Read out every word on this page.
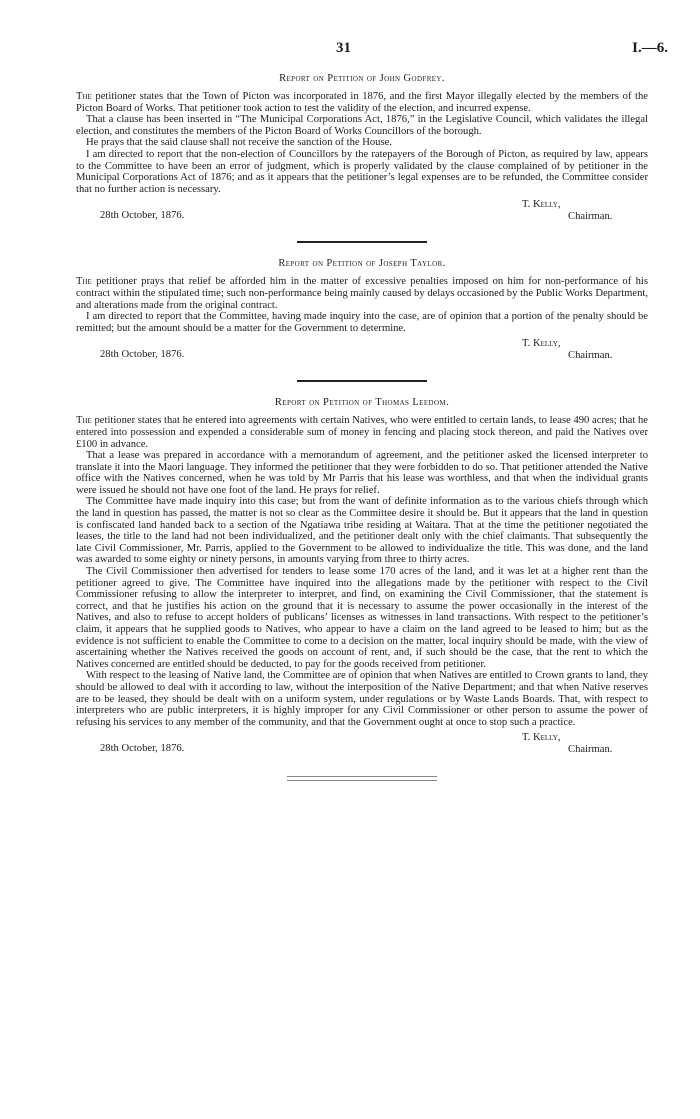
31	I.—6.
Report on Petition of John Godfrey.

The petitioner states that the Town of Picton was incorporated in 1876, and the first Mayor illegally elected by the members of the Picton Board of Works. That petitioner took action to test the validity of the election, and incurred expense.

That a clause has been inserted in “The Municipal Corporations Act, 1876,” in the Legislative Council, which validates the illegal election, and constitutes the members of the Picton Board of Works Councillors of the borough.

He prays that the said clause shall not receive the sanction of the House.

I am directed to report that the non-election of Councillors by the ratepayers of the Borough of Picton, as required by law, appears to the Committee to have been an error of judgment, which is properly validated by the clause complained of by petitioner in the Municipal Corporations Act of 1876; and as it appears that the petitioner’s legal expenses are to be refunded, the Committee consider that no further action is necessary.

T. Kelly,
Chairman.
28th October, 1876.
Report on Petition of Joseph Taylor.

The petitioner prays that relief be afforded him in the matter of excessive penalties imposed on him for non-performance of his contract within the stipulated time; such non-performance being mainly caused by delays occasioned by the Public Works Department, and alterations made from the original contract.

I am directed to report that the Committee, having made inquiry into the case, are of opinion that a portion of the penalty should be remitted; but the amount should be a matter for the Government to determine.

T. Kelly,
Chairman.
28th October, 1876.
Report on Petition of Thomas Leedom.

The petitioner states that he entered into agreements with certain Natives, who were entitled to certain lands, to lease 490 acres; that he entered into possession and expended a considerable sum of money in fencing and placing stock thereon, and paid the Natives over £100 in advance.

That a lease was prepared in accordance with a memorandum of agreement, and the petitioner asked the licensed interpreter to translate it into the Maori language. They informed the petitioner that they were forbidden to do so. That petitioner attended the Native office with the Natives concerned, when he was told by Mr Parris that his lease was worthless, and that when the individual grants were issued he should not have one foot of the land. He prays for relief.

The Committee have made inquiry into this case; but from the want of definite information as to the various chiefs through which the land in question has passed, the matter is not so clear as the Committee desire it should be. But it appears that the land in question is confiscated land handed back to a section of the Ngatiawa tribe residing at Waitara. That at the time the petitioner negotiated the leases, the title to the land had not been individualized, and the petitioner dealt only with the chief claimants. That subsequently the late Civil Commissioner, Mr. Parris, applied to the Government to be allowed to individualize the title. This was done, and the land was awarded to some eighty or ninety persons, in amounts varying from three to thirty acres.

The Civil Commissioner then advertised for tenders to lease some 170 acres of the land, and it was let at a higher rent than the petitioner agreed to give. The Committee have inquired into the allegations made by the petitioner with respect to the Civil Commissioner refusing to allow the interpreter to interpret, and find, on examining the Civil Commissioner, that the statement is correct, and that he justifies his action on the ground that it is necessary to assume the power occasionally in the interest of the Natives, and also to refuse to accept holders of publicans’ licenses as witnesses in land transactions. With respect to the petitioner’s claim, it appears that he supplied goods to Natives, who appear to have a claim on the land agreed to be leased to him; but as the evidence is not sufficient to enable the Committee to come to a decision on the matter, local inquiry should be made, with the view of ascertaining whether the Natives received the goods on account of rent, and, if such should be the case, that the rent to which the Natives concerned are entitled should be deducted, to pay for the goods received from petitioner.

With respect to the leasing of Native land, the Committee are of opinion that when Natives are entitled to Crown grants to land, they should be allowed to deal with it according to law, without the interposition of the Native Department; and that when Native reserves are to be leased, they should be dealt with on a uniform system, under regulations or by Waste Lands Boards. That, with respect to interpreters who are public interpreters, it is highly improper for any Civil Commissioner or other person to assume the power of refusing his services to any member of the community, and that the Government ought at once to stop such a practice.

T. Kelly,
Chairman.
28th October, 1876.
